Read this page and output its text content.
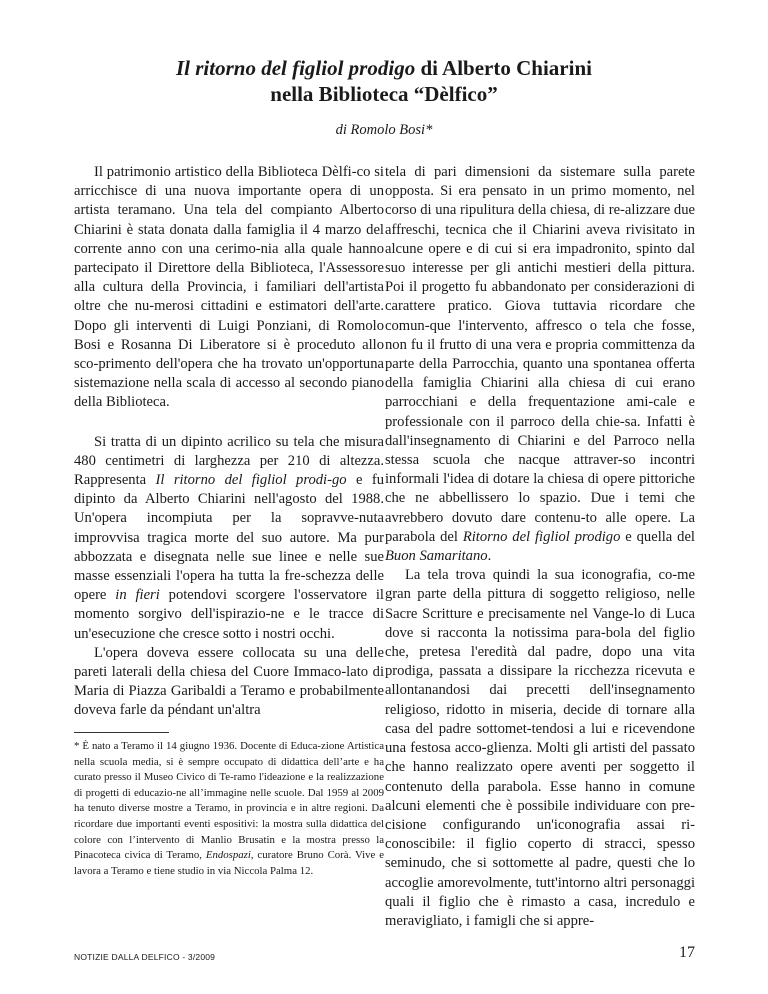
Il ritorno del figliol prodigo di Alberto Chiarini
nella Biblioteca “Dèlfico”
di Romolo Bosi*

Il patrimonio artistico della Biblioteca Dèlfi-co si arricchisce di una nuova importante opera di un artista teramano. Una tela del compianto Alberto Chiarini è stata donata dalla famiglia il 4 marzo del corrente anno con una cerimo-nia alla quale hanno partecipato il Direttore della Biblioteca, l'Assessore alla cultura della Provincia, i familiari dell'artista oltre che nu-merosi cittadini e estimatori dell'arte. Dopo gli interventi di Luigi Ponziani, di Romolo Bosi e Rosanna Di Liberatore si è proceduto allo sco-primento dell'opera che ha trovato un'opportuna sistemazione nella scala di accesso al secondo piano della Biblioteca.

Si tratta di un dipinto acrilico su tela che misura 480 centimetri di larghezza per 210 di altezza. Rappresenta Il ritorno del figliol prodi-go e fu dipinto da Alberto Chiarini nell'agosto del 1988. Un'opera incompiuta per la sopravve-nuta improvvisa tragica morte del suo autore. Ma pur abbozzata e disegnata nelle sue linee e nelle sue masse essenziali l'opera ha tutta la fre-schezza delle opere in fieri potendovi scorgere l'osservatore il momento sorgivo dell'ispirazio-ne e le tracce di un'esecuzione che cresce sotto i nostri occhi.

L'opera doveva essere collocata su una delle pareti laterali della chiesa del Cuore Immaco-lato di Maria di Piazza Garibaldi a Teramo e probabilmente doveva farle da péndant un'altra

* È nato a Teramo il 14 giugno 1936. Docente di Educa-zione Artistica nella scuola media, si è sempre occupato di didattica dell’arte e ha curato presso il Museo Civico di Te-ramo l'ideazione e la realizzazione di progetti di educazio-ne all’immagine nelle scuole. Dal 1959 al 2009 ha tenuto diverse mostre a Teramo, in provincia e in altre regioni. Da ricordare due importanti eventi espositivi: la mostra sulla didattica del colore con l’intervento di Manlio Brusatin e la mostra presso la Pinacoteca civica di Teramo, Endospazi, curatore Bruno Corà. Vive e lavora a Teramo e tiene studio in via Niccola Palma 12.

tela di pari dimensioni da sistemare sulla parete opposta. Si era pensato in un primo momento, nel corso di una ripulitura della chiesa, di re-alizzare due affreschi, tecnica che il Chiarini aveva rivisitato in alcune opere e di cui si era impadronito, spinto dal suo interesse per gli antichi mestieri della pittura. Poi il progetto fu abbandonato per considerazioni di carattere pratico. Giova tuttavia ricordare che comun-que l'intervento, affresco o tela che fosse, non fu il frutto di una vera e propria committenza da parte della Parrocchia, quanto una spontanea offerta della famiglia Chiarini alla chiesa di cui erano parrocchiani e della frequentazione ami-cale e professionale con il parroco della chie-sa. Infatti è dall'insegnamento di Chiarini e del Parroco nella stessa scuola che nacque attraver-so incontri informali l'idea di dotare la chiesa di opere pittoriche che ne abbellissero lo spazio. Due i temi che avrebbero dovuto dare contenu-to alle opere. La parabola del Ritorno del figliol prodigo e quella del Buon Samaritano.

La tela trova quindi la sua iconografia, co-me gran parte della pittura di soggetto religioso, nelle Sacre Scritture e precisamente nel Vange-lo di Luca dove si racconta la notissima para-bola del figlio che, pretesa l'eredità dal padre, dopo una vita prodiga, passata a dissipare la ricchezza ricevuta e allontanandosi dai precetti dell'insegnamento religioso, ridotto in miseria, decide di tornare alla casa del padre sottomet-tendosi a lui e ricevendone una festosa acco-glienza. Molti gli artisti del passato che hanno realizzato opere aventi per soggetto il contenuto della parabola. Esse hanno in comune alcuni elementi che è possibile individuare con pre-cisione configurando un'iconografia assai ri-conoscibile: il figlio coperto di stracci, spesso seminudo, che si sottomette al padre, questi che lo accoglie amorevolmente, tutt'intorno altri personaggi quali il figlio che è rimasto a casa, incredulo e meravigliato, i famigli che si appre-

NOTIZIE DALLA DELFICO - 3/2009	17
